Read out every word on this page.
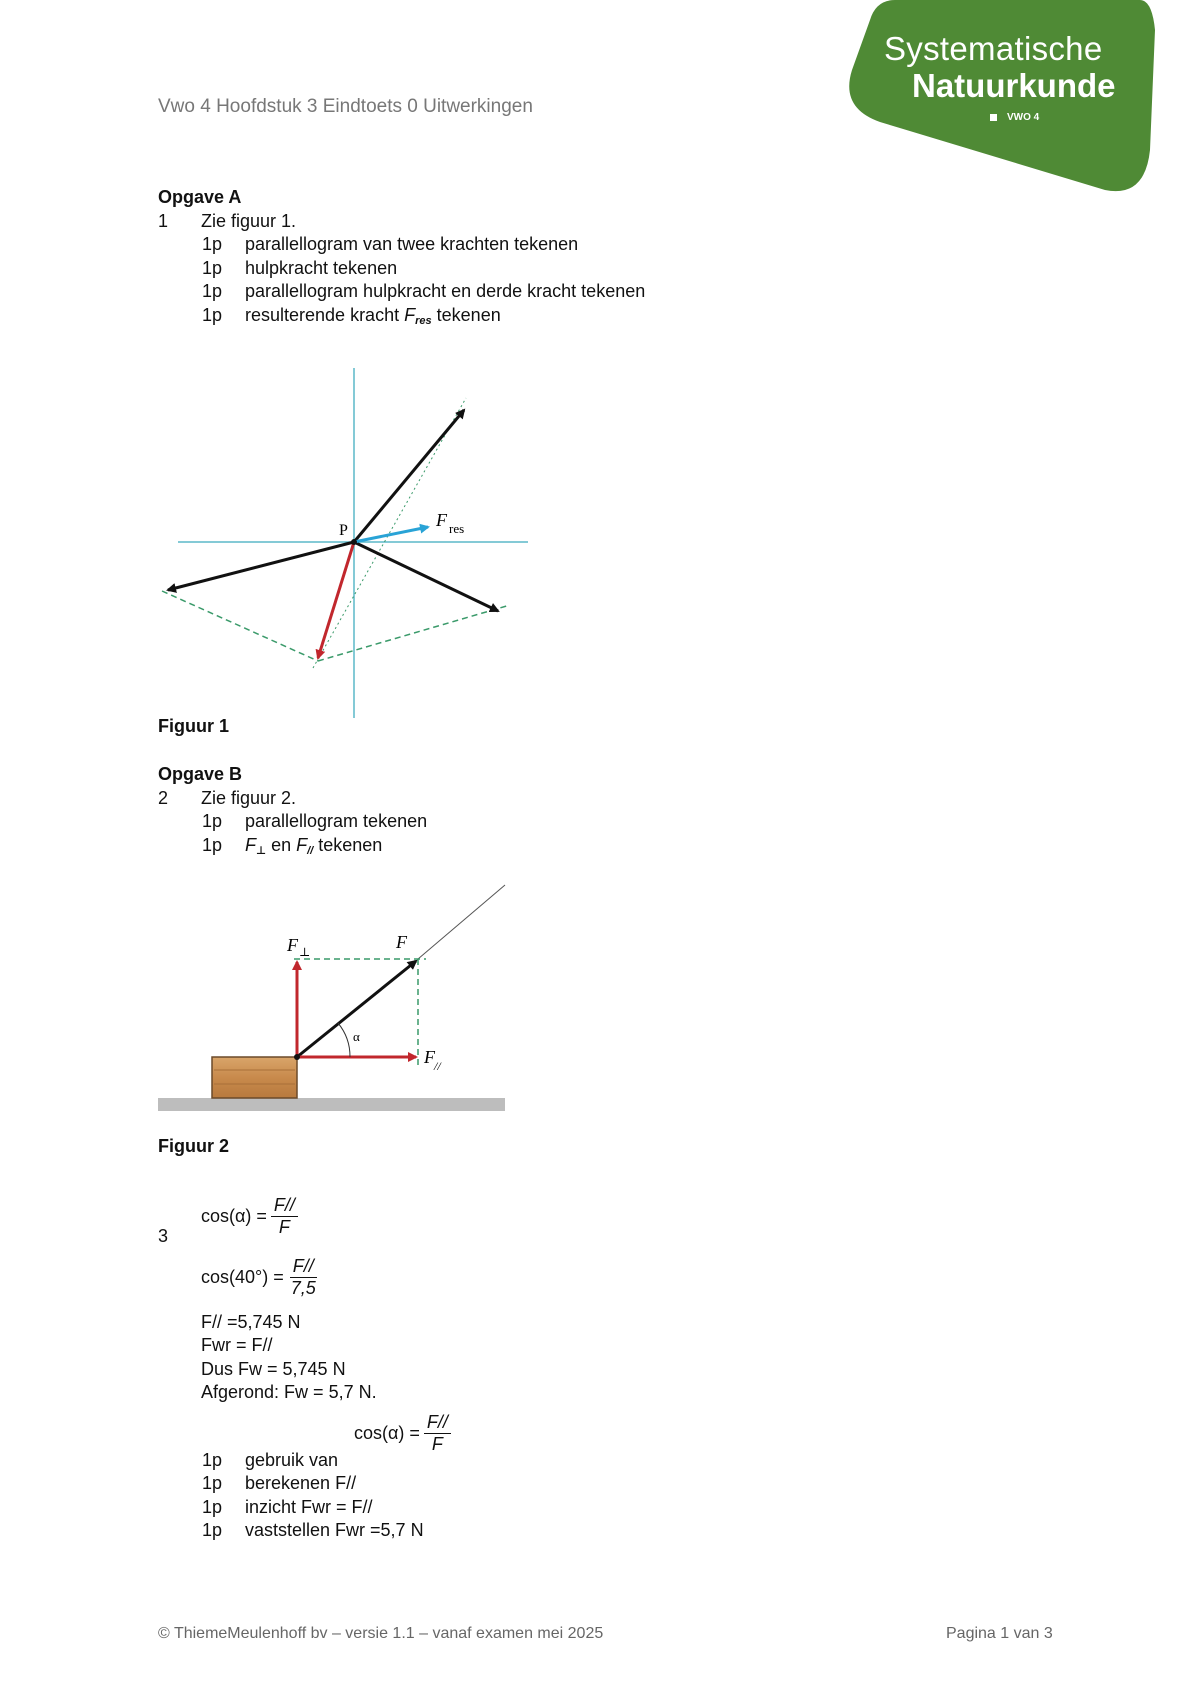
Vwo 4 Hoofdstuk 3 Eindtoets 0 Uitwerkingen
Systematische
Natuurkunde
VWO 4
Opgave A
1	Zie figuur 1.
1p	parallellogram van twee krachten tekenen
1p	hulpkracht tekenen
1p	parallellogram hulpkracht en derde kracht tekenen
1p	resulterende kracht $F_{res}$ tekenen
P
F res
Figuur 1
Opgave B
2	Zie figuur 2.
1p	parallellogram tekenen
1p	$F_\perp$ en $F_{//}$ tekenen
α
F ⊥	F
F //
Figuur 2
3
$\cos(\alpha) = \frac{F//}{F}$
$\cos(40^\circ) = \frac{F//}{7,5}$
F// =5,745 N
Fwr = F//
Dus Fw = 5,745 N
Afgerond: Fw = 5,7 N.
$\cos(\alpha) = \frac{F//}{F}$
1p	gebruik van
1p	berekenen F//
1p	inzicht Fwr = F//
1p	vaststellen Fwr =5,7 N
© ThiemeMeulenhoff bv – versie 1.1 – vanaf examen mei 2025	Pagina 1 van 3
